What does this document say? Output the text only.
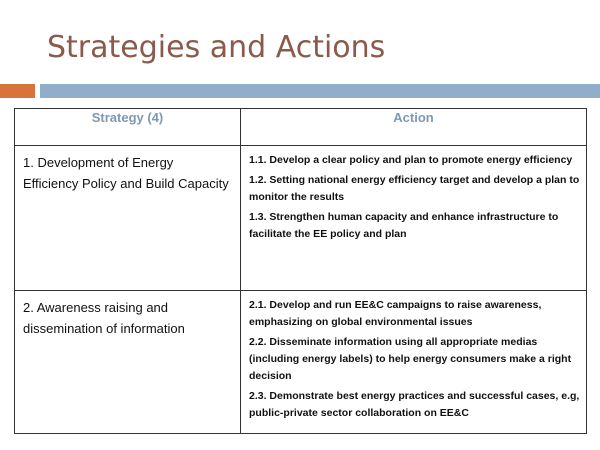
Strategies and Actions
Strategy (4)	Action
1. Development of Energy Efficiency Policy and Build Capacity	1.1. Develop a clear policy and plan to promote energy efficiency

1.2. Setting national energy efficiency target and develop a plan to monitor the results

1.3. Strengthen human capacity and enhance infrastructure to facilitate the EE policy and plan

2. Awareness raising and dissemination of information	2.1. Develop and run EE&C campaigns to raise awareness, emphasizing on global environmental issues

2.2. Disseminate information using all appropriate medias (including energy labels) to help energy consumers make a right decision

2.3. Demonstrate best energy practices and successful cases, e.g, public-private sector collaboration on EE&C
